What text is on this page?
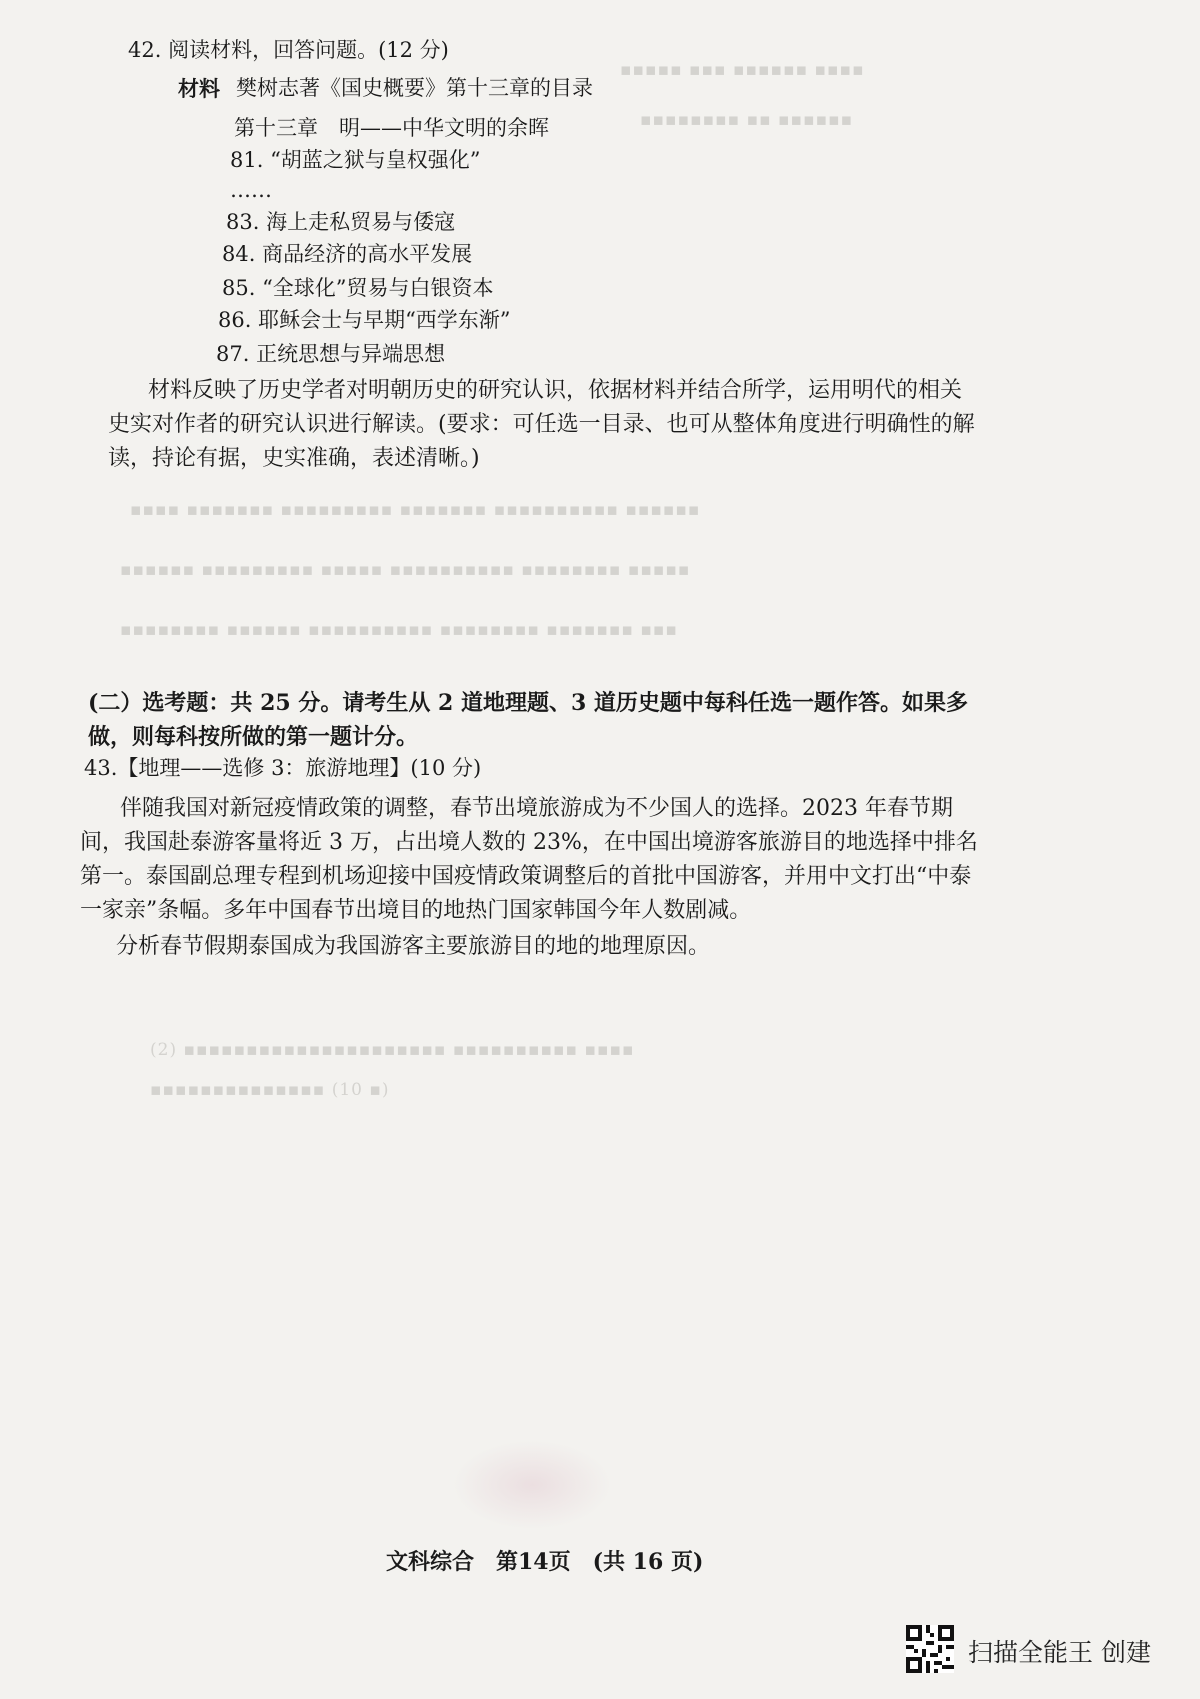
▪▪▪▪▪ ▪▪▪ ▪▪▪▪▪▪ ▪▪▪▪
▪▪▪▪▪▪▪▪ ▪▪ ▪▪▪▪▪▪
▪▪▪▪ ▪▪▪▪▪▪▪ ▪▪▪▪▪▪▪▪▪ ▪▪▪▪▪▪▪ ▪▪▪▪▪▪▪▪▪▪ ▪▪▪▪▪▪
▪▪▪▪▪▪ ▪▪▪▪▪▪▪▪▪ ▪▪▪▪▪ ▪▪▪▪▪▪▪▪▪▪ ▪▪▪▪▪▪▪▪ ▪▪▪▪▪
▪▪▪▪▪▪▪▪ ▪▪▪▪▪▪ ▪▪▪▪▪▪▪▪▪▪ ▪▪▪▪▪▪▪▪ ▪▪▪▪▪▪▪ ▪▪▪
(2) ▪▪▪▪▪▪▪▪▪▪▪▪▪▪▪▪▪▪▪▪▪ ▪▪▪▪▪▪▪▪▪▪ ▪▪▪▪
▪▪▪▪▪▪▪▪▪▪▪▪▪▪ (10 ▪)
42. 阅读材料，回答问题。(12 分)
材料 樊树志著《国史概要》第十三章的目录
第十三章　明——中华文明的余晖
81. “胡蓝之狱与皇权强化”
……
83. 海上走私贸易与倭寇
84. 商品经济的高水平发展
85. “全球化”贸易与白银资本
86. 耶稣会士与早期“西学东渐”
87. 正统思想与异端思想
材料反映了历史学者对明朝历史的研究认识，依据材料并结合所学，运用明代的相关史实对作者的研究认识进行解读。(要求：可任选一目录、也可从整体角度进行明确性的解读，持论有据，史实准确，表述清晰。)
(二）选考题：共 25 分。请考生从 2 道地理题、3 道历史题中每科任选一题作答。如果多
做，则每科按所做的第一题计分。
43.【地理——选修 3：旅游地理】(10 分)
伴随我国对新冠疫情政策的调整，春节出境旅游成为不少国人的选择。2023 年春节期间，我国赴泰游客量将近 3 万，占出境人数的 23%，在中国出境游客旅游目的地选择中排名第一。泰国副总理专程到机场迎接中国疫情政策调整后的首批中国游客，并用中文打出“中泰一家亲”条幅。多年中国春节出境目的地热门国家韩国今年人数剧减。
分析春节假期泰国成为我国游客主要旅游目的地的地理原因。
文科综合　第14页　(共 16 页)
扫描全能王 创建
